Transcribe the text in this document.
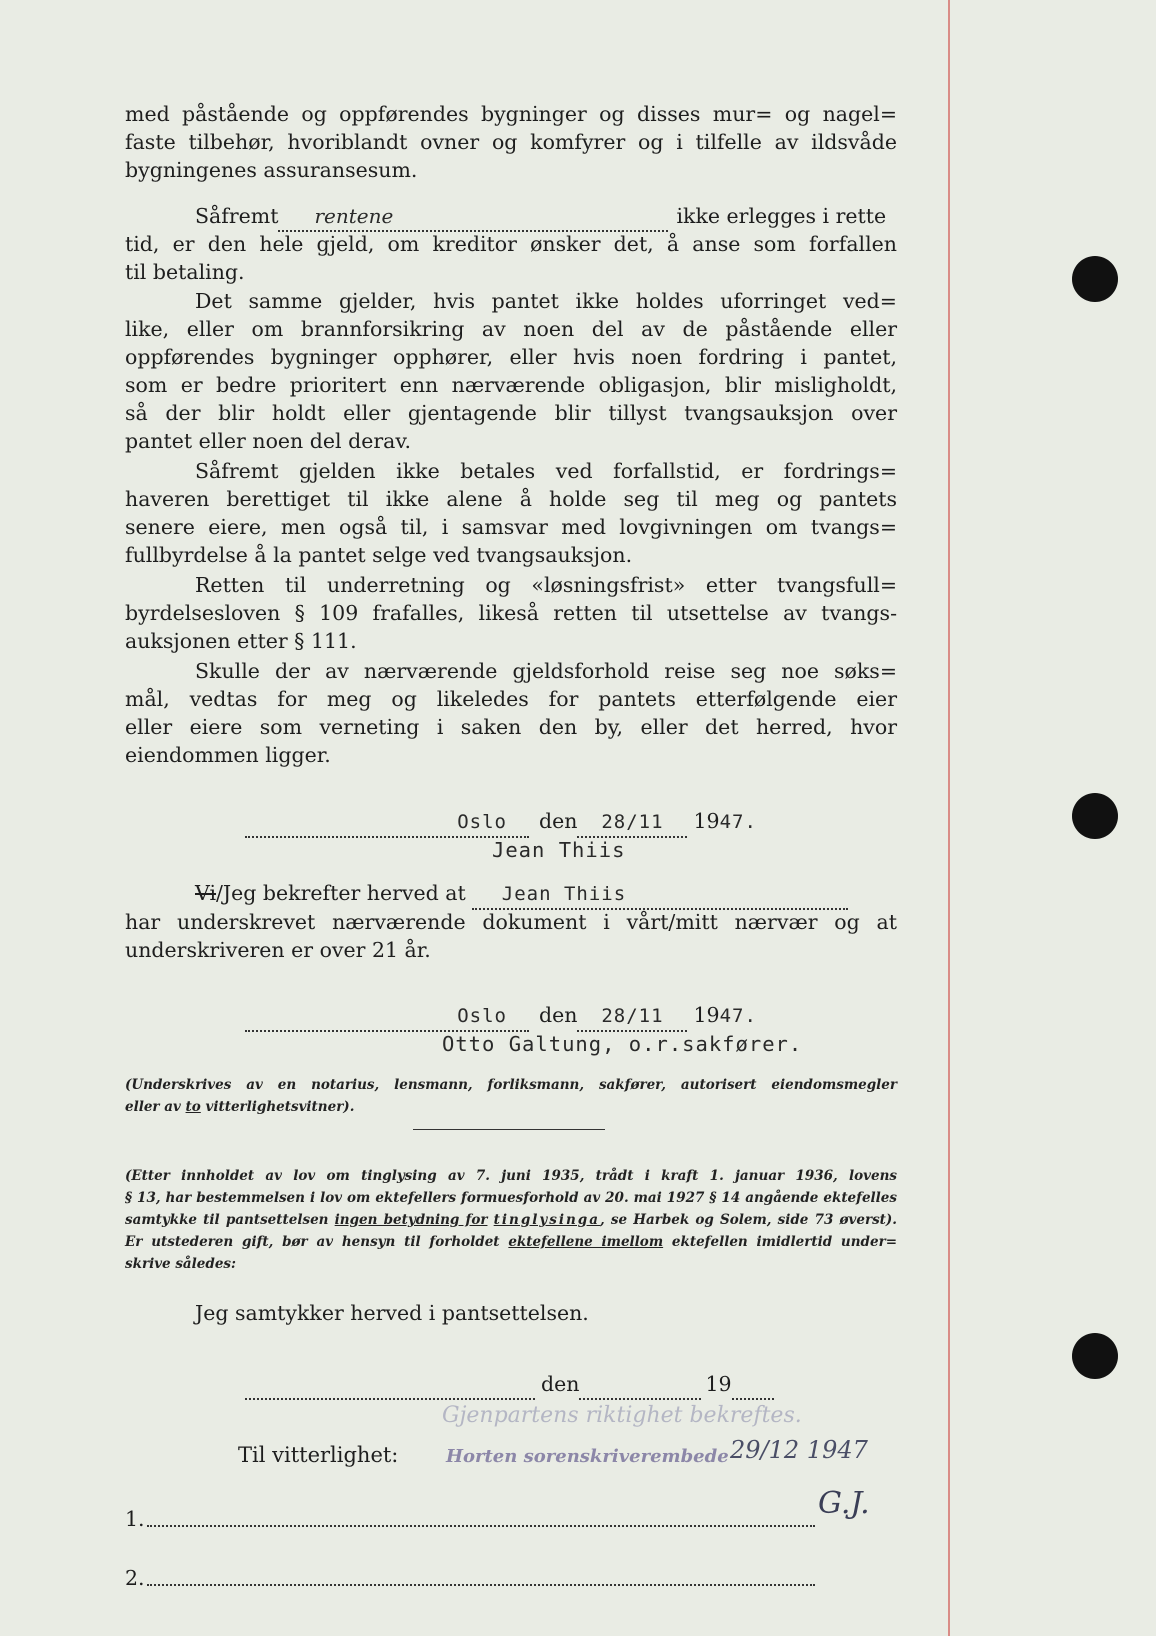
med påstående og oppførendes bygninger og disses mur= og nagel=
faste tilbehør, hvoriblandt ovner og komfyrer og i tilfelle av ildsvåde
bygningenes assuransesum.
Såfremt rentene	ikke erlegges i rette
tid, er den hele gjeld, om kreditor ønsker det, å anse som forfallen
til betaling.
Det samme gjelder, hvis pantet ikke holdes uforringet ved=
like, eller om brannforsikring av noen del av de påstående eller
oppførendes bygninger opphører, eller hvis noen fordring i pantet,
som er bedre prioritert enn nærværende obligasjon, blir misligholdt,
så der blir holdt eller gjentagende blir tillyst tvangsauksjon over
pantet eller noen del derav.
Såfremt gjelden ikke betales ved forfallstid, er fordrings=
haveren berettiget til ikke alene å holde seg til meg og pantets
senere eiere, men også til, i samsvar med lovgivningen om tvangs=
fullbyrdelse å la pantet selge ved tvangsauksjon.
Retten til underretning og «løsningsfrist» etter tvangsfull=
byrdelsesloven § 109 frafalles, likeså retten til utsettelse av tvangs-
auksjonen etter § 111.
Skulle der av nærværende gjeldsforhold reise seg noe søks=
mål, vedtas for meg og likeledes for pantets etterfølgende eier
eller eiere som verneting i saken den by, eller det herred, hvor
eiendommen ligger.
Oslo den 28/11 1947.
Jean Thiis
Vi/Jeg bekrefter herved at Jean Thiis
har underskrevet nærværende dokument i vårt/mitt nærvær og at
underskriveren er over 21 år.
Oslo den 28/11 1947.
Otto Galtung, o.r.sakfører.
(Underskrives av en notarius, lensmann, forliksmann, sakfører, autorisert eiendomsmegler
eller av to vitterlighetsvitner).
(Etter innholdet av lov om tinglysing av 7. juni 1935, trådt i kraft 1. januar 1936, lovens
§ 13, har bestemmelsen i lov om ektefellers formuesforhold av 20. mai 1927 § 14 angående ektefelles
samtykke til pantsettelsen ingen betydning for tinglysinga, se Harbek og Solem, side 73 øverst).
Er utstederen gift, bør av hensyn til forholdet ektefellene imellom ektefellen imidlertid under=
skrive således:
Jeg samtykker herved i pantsettelsen.
den	19
Gjenpartens riktighet bekreftes.
Til vitterlighet:	Horten sorenskriverembede 29/12 1947
G.J.
1.
2.
